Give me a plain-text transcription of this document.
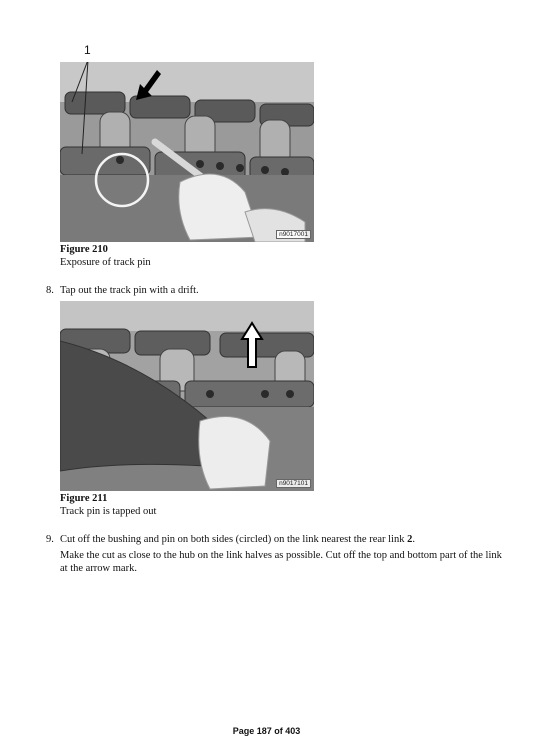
1
n9017001
Figure 210
Exposure of track pin
8. Tap out the track pin with a drift.
n9017101
Figure 211
Track pin is tapped out
9. Cut off the bushing and pin on both sides (circled) on the link nearest the rear link 2.
Make the cut as close to the hub on the link halves as possible. Cut off the top and bottom part of the link at the arrow mark.
Page 187 of 403
